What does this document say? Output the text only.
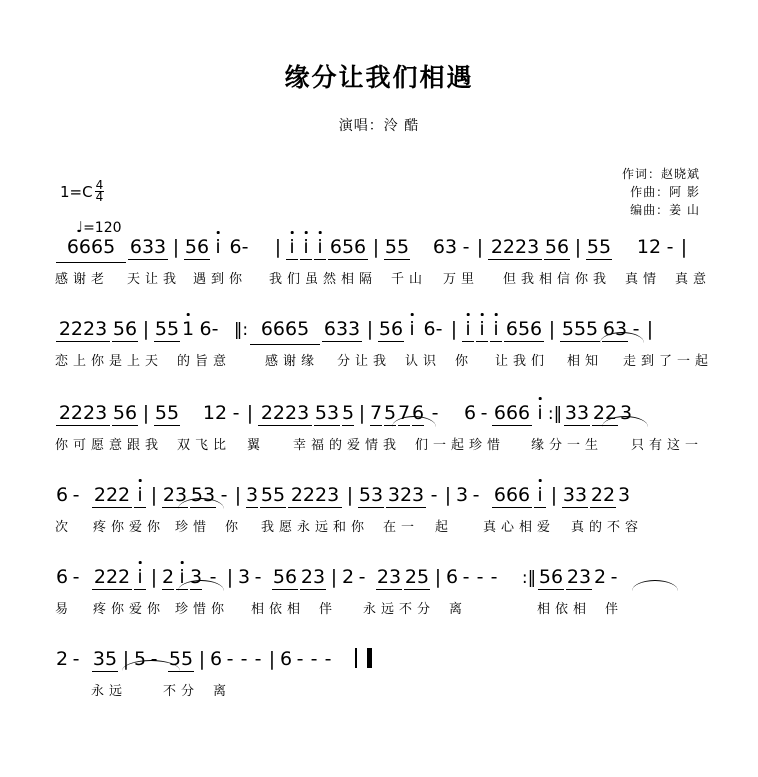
缘分让我们相遇
演唱：泠 酷
作词：赵晓斌
作曲：阿 影
编曲：姜 山
$1=C \frac{4}{4}$
♩=120
6665 633 | 56 i 6- | i i i 656 | 55 63 - | 2223 56 | 55 12 - |
感 谢 老 天 让 我 遇 到 你 我 们 虽 然 相 隔 千 山 万 里 但 我 相 信 你 我 真 情 真 意
2223 56 | 55 1 6- ‖: 6665 633 | 56 i 6- | i i i 656 | 555 63 - |
恋 上 你 是 上 天 的 旨 意	感 谢 缘 分 让 我 认 识 你 让 我 们 相 知 走 到 了 一 起
2223 56 | 55 12 - | 2223 53 5 | 7 5 7 6 - 6 - 666 i :‖ 33 22 3
你 可 愿 意 跟 我 双 飞 比 翼	幸 福 的 爱 情 我 们 一 起 珍 惜 缘 分 一 生	只 有 这 一
6 - 222 i | 23 53 - | 3 55 2223 | 53 323 - | 3 - 666 i | 33 22 3
次 疼 你 爱 你 珍 惜 你 我 愿 永 远 和 你 在 一 起	真 心 相 爱 真 的 不 容
6 - 222 i | 2 i 3 - | 3 - 56 23 | 2 - 23 25 | 6 - - - :‖ 56 23 2 -
易 疼 你 爱 你 珍 惜 你 相 依 相 伴 永 远 不 分 离	相 依 相 伴
2 - 35 | 5 - 55 | 6 - - - | 6 - - -
永 远	不 分 离
